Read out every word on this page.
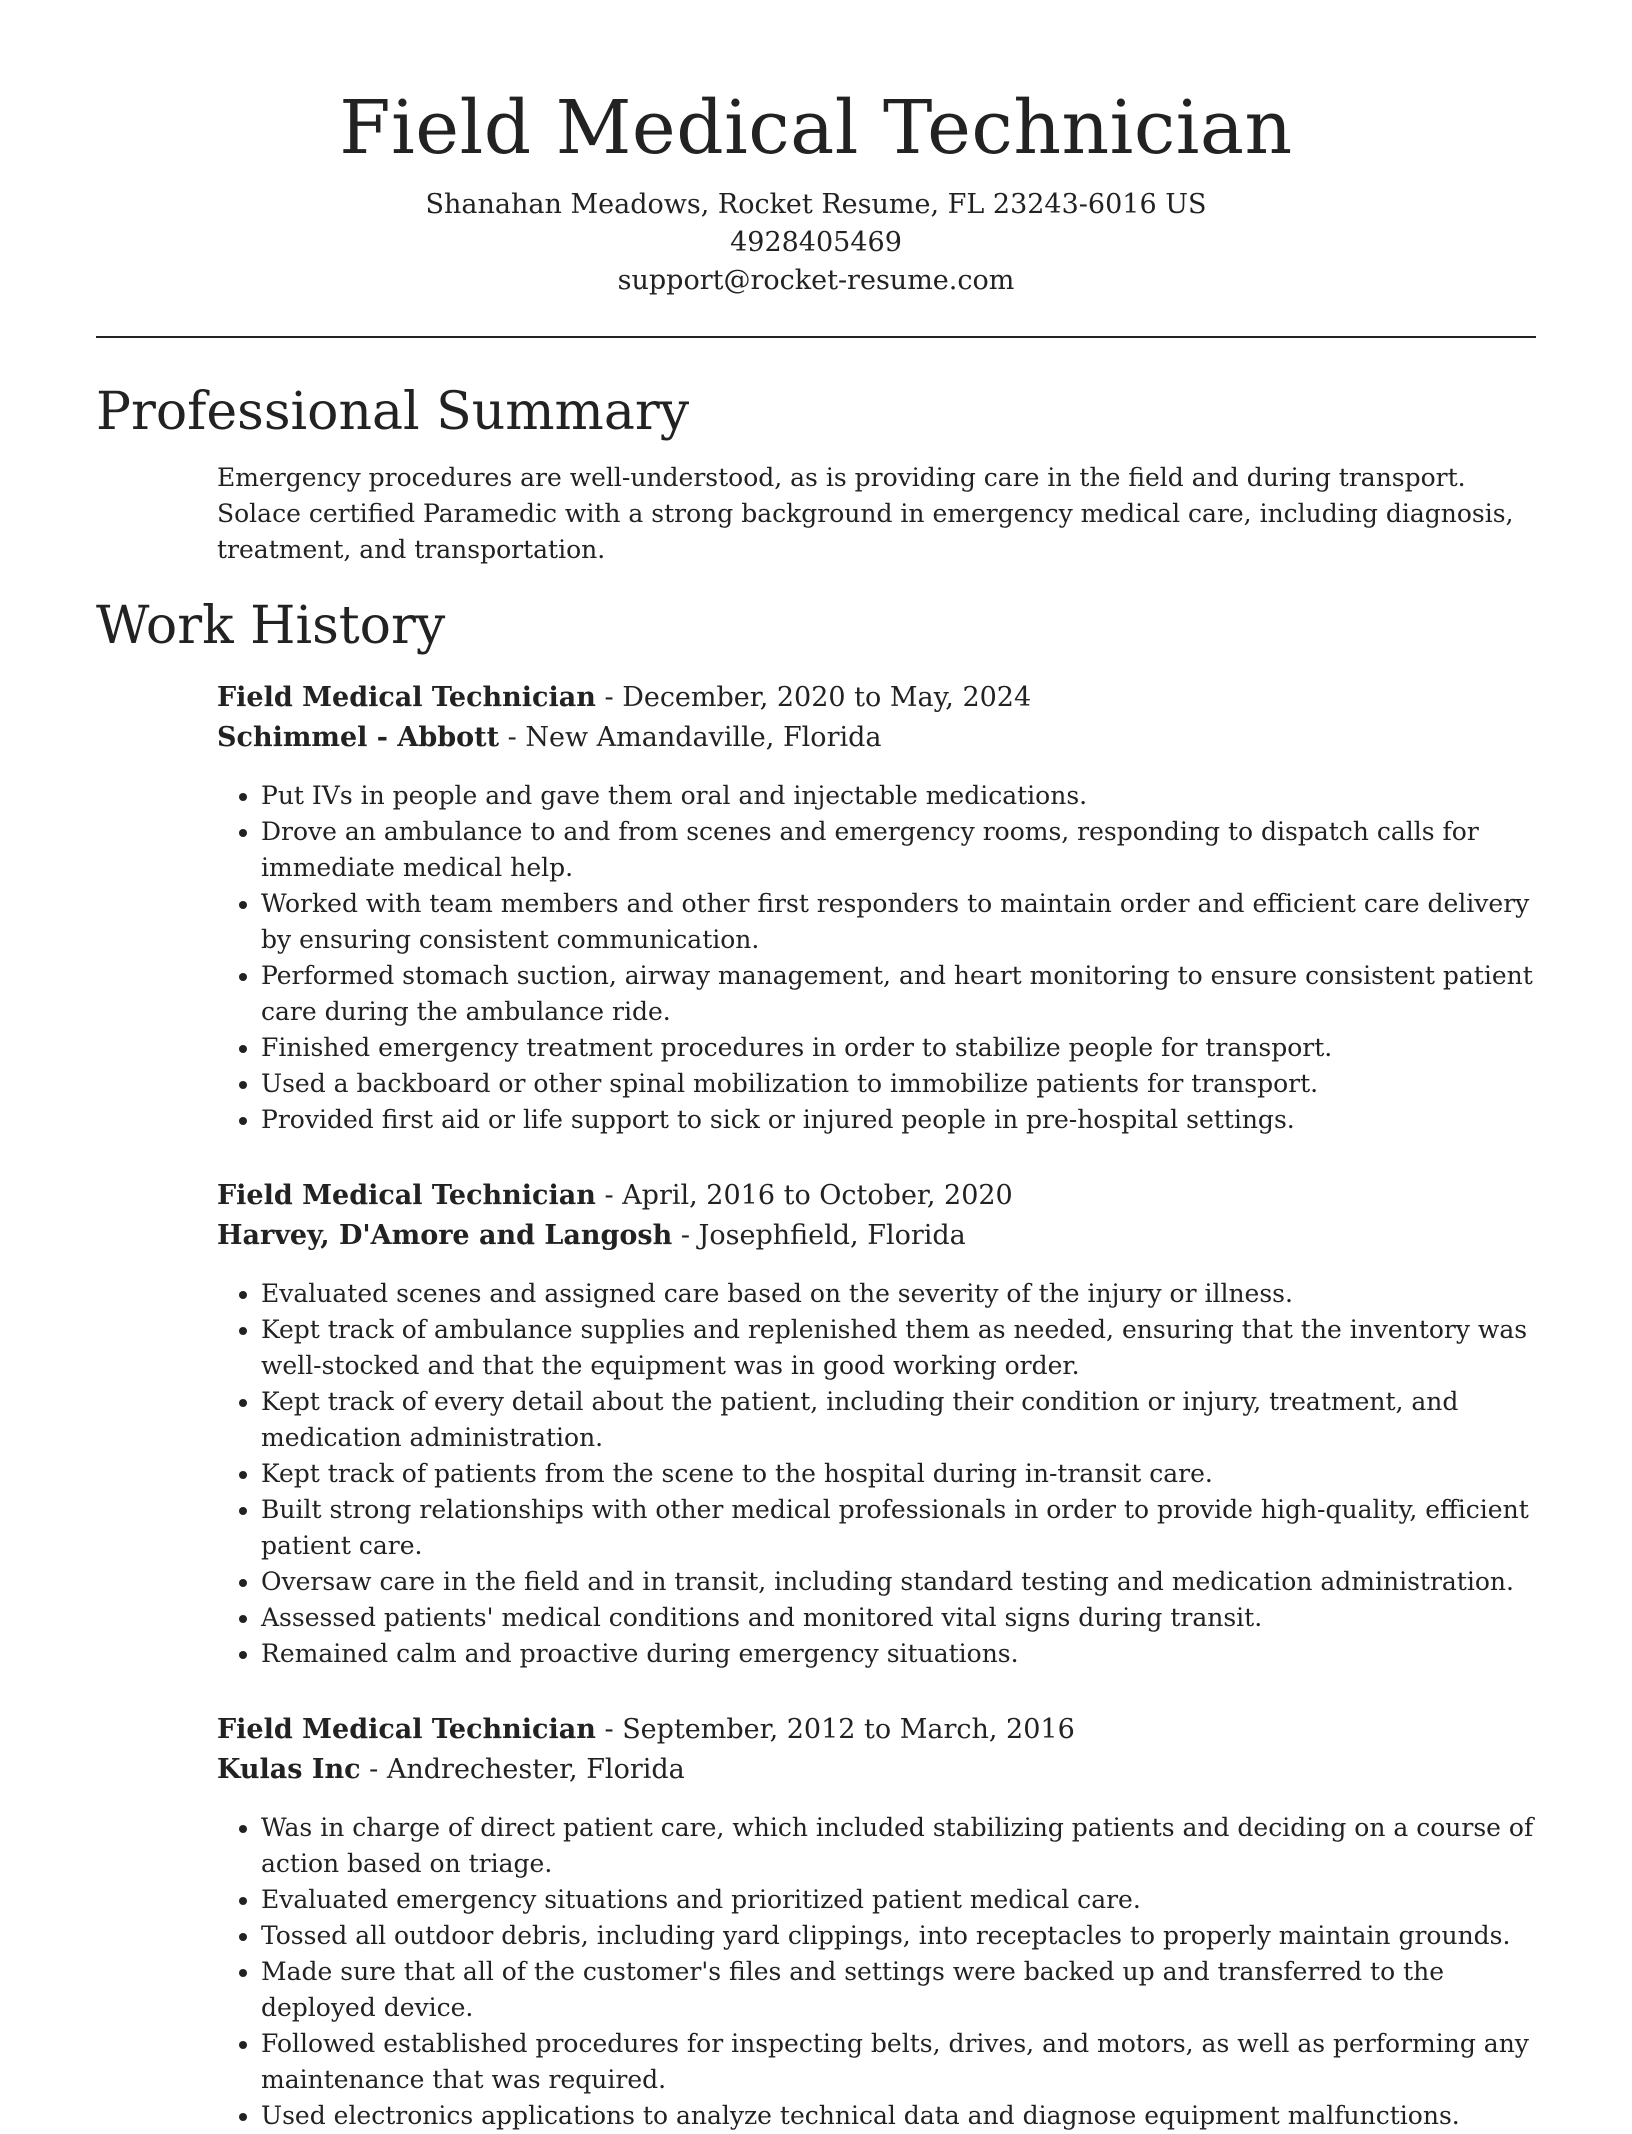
Field Medical Technician
Shanahan Meadows, Rocket Resume, FL 23243-6016 US
4928405469
support@rocket-resume.com
Professional Summary

Emergency procedures are well-understood, as is providing care in the field and during transport. Solace certified Paramedic with a strong background in emergency medical care, including diagnosis, treatment, and transportation.

Work History
Field Medical Technician - December, 2020 to May, 2024
Schimmel - Abbott - New Amandaville, Florida
• Put IVs in people and gave them oral and injectable medications.
• Drove an ambulance to and from scenes and emergency rooms, responding to dispatch calls for immediate medical help.
• Worked with team members and other first responders to maintain order and efficient care delivery by ensuring consistent communication.
• Performed stomach suction, airway management, and heart monitoring to ensure consistent patient care during the ambulance ride.
• Finished emergency treatment procedures in order to stabilize people for transport.
• Used a backboard or other spinal mobilization to immobilize patients for transport.
• Provided first aid or life support to sick or injured people in pre-hospital settings.
Field Medical Technician - April, 2016 to October, 2020
Harvey, D'Amore and Langosh - Josephfield, Florida
• Evaluated scenes and assigned care based on the severity of the injury or illness.
• Kept track of ambulance supplies and replenished them as needed, ensuring that the inventory was well-stocked and that the equipment was in good working order.
• Kept track of every detail about the patient, including their condition or injury, treatment, and medication administration.
• Kept track of patients from the scene to the hospital during in-transit care.
• Built strong relationships with other medical professionals in order to provide high-quality, efficient patient care.
• Oversaw care in the field and in transit, including standard testing and medication administration.
• Assessed patients' medical conditions and monitored vital signs during transit.
• Remained calm and proactive during emergency situations.
Field Medical Technician - September, 2012 to March, 2016
Kulas Inc - Andrechester, Florida
• Was in charge of direct patient care, which included stabilizing patients and deciding on a course of action based on triage.
• Evaluated emergency situations and prioritized patient medical care.
• Tossed all outdoor debris, including yard clippings, into receptacles to properly maintain grounds.
• Made sure that all of the customer's files and settings were backed up and transferred to the deployed device.
• Followed established procedures for inspecting belts, drives, and motors, as well as performing any maintenance that was required.
• Used electronics applications to analyze technical data and diagnose equipment malfunctions.
